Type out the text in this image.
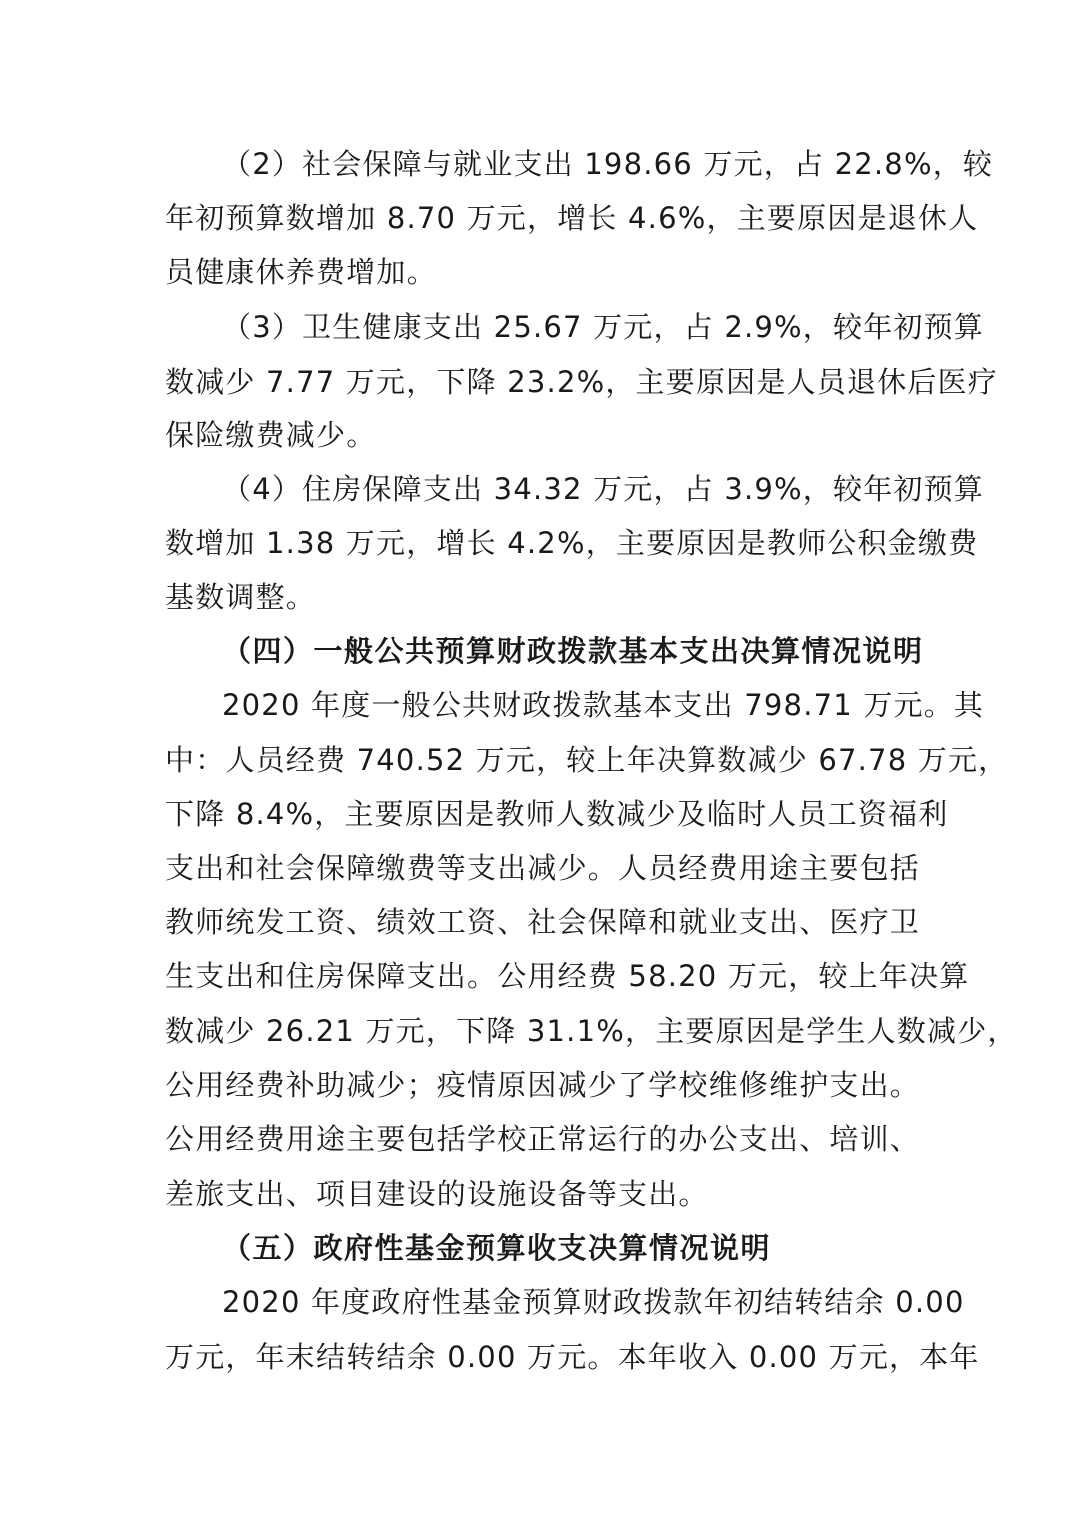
（2）社会保障与就业支出 198.66 万元，占 22.8%，较
年初预算数增加 8.70 万元，增长 4.6%，主要原因是退休人
员健康休养费增加。
（3）卫生健康支出 25.67 万元，占 2.9%，较年初预算
数减少 7.77 万元，下降 23.2%，主要原因是人员退休后医疗
保险缴费减少。
（4）住房保障支出 34.32 万元，占 3.9%，较年初预算
数增加 1.38 万元，增长 4.2%，主要原因是教师公积金缴费
基数调整。
（四）一般公共预算财政拨款基本支出决算情况说明
2020 年度一般公共财政拨款基本支出 798.71 万元。其
中：人员经费 740.52 万元，较上年决算数减少 67.78 万元，
下降 8.4%，主要原因是教师人数减少及临时人员工资福利
支出和社会保障缴费等支出减少。人员经费用途主要包括
教师统发工资、绩效工资、社会保障和就业支出、医疗卫
生支出和住房保障支出。公用经费 58.20 万元，较上年决算
数减少 26.21 万元，下降 31.1%，主要原因是学生人数减少，
公用经费补助减少；疫情原因减少了学校维修维护支出。
公用经费用途主要包括学校正常运行的办公支出、培训、
差旅支出、项目建设的设施设备等支出。
（五）政府性基金预算收支决算情况说明
2020 年度政府性基金预算财政拨款年初结转结余 0.00
万元，年末结转结余 0.00 万元。本年收入 0.00 万元，本年
